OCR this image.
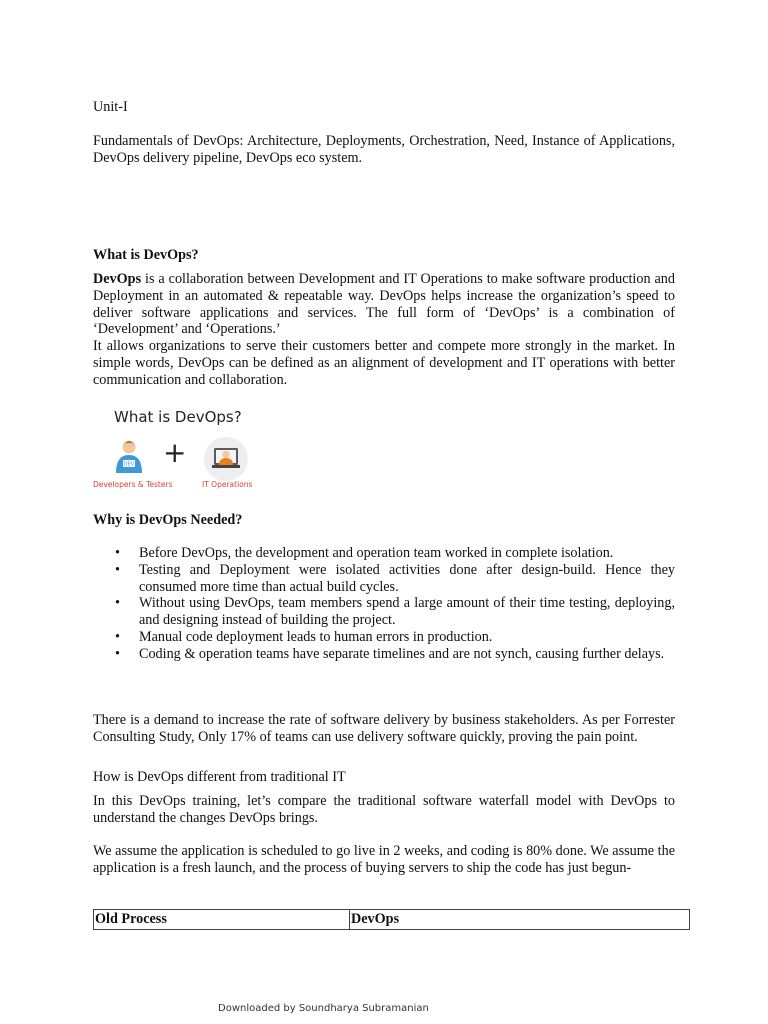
Unit-I

Fundamentals of DevOps: Architecture, Deployments, Orchestration, Need, Instance of Applications, DevOps delivery pipeline, DevOps eco system.

What is DevOps?

DevOps is a collaboration between Development and IT Operations to make software production and Deployment in an automated & repeatable way. DevOps helps increase the organization’s speed to deliver software applications and services. The full form of ‘DevOps’ is a combination of ‘Development’ and ‘Operations.’

It allows organizations to serve their customers better and compete more strongly in the market. In simple words, DevOps can be defined as an alignment of development and IT operations with better communication and collaboration.

What is DevOps?
DEV +
Developers & Testers	IT Operations

Why is DevOps Needed?

• Before DevOps, the development and operation team worked in complete isolation.
• Testing and Deployment were isolated activities done after design-build. Hence they consumed more time than actual build cycles.
• Without using DevOps, team members spend a large amount of their time testing, deploying, and designing instead of building the project.
• Manual code deployment leads to human errors in production.
• Coding & operation teams have separate timelines and are not synch, causing further delays.

There is a demand to increase the rate of software delivery by business stakeholders. As per Forrester Consulting Study, Only 17% of teams can use delivery software quickly, proving the pain point.

How is DevOps different from traditional IT

In this DevOps training, let’s compare the traditional software waterfall model with DevOps to understand the changes DevOps brings.

We assume the application is scheduled to go live in 2 weeks, and coding is 80% done. We assume the application is a fresh launch, and the process of buying servers to ship the code has just begun-

Old Process	DevOps
Downloaded by Soundharya Subramanian
